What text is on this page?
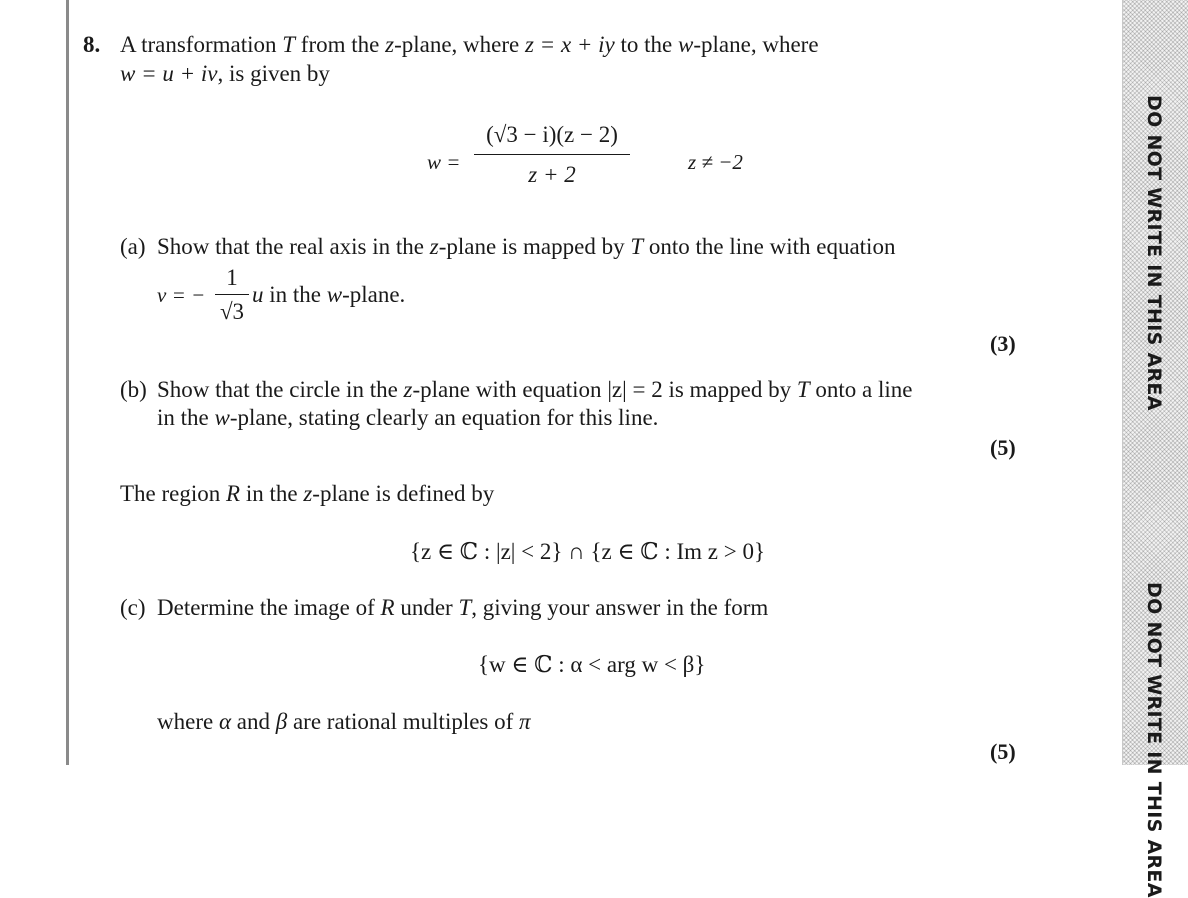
8. A transformation T from the z-plane, where z = x + iy to the w-plane, where
w = u + iv, is given by
w =
(√3 − i)(z − 2)
z + 2	z ≠ −2
(a) Show that the real axis in the z-plane is mapped by T onto the line with equation
v = −
1
√3
u in the w-plane.
(3)
(b) Show that the circle in the z-plane with equation |z| = 2 is mapped by T onto a line
in the w-plane, stating clearly an equation for this line.
(5)
The region R in the z-plane is defined by
{z ∈ ℂ : |z| < 2} ∩ {z ∈ ℂ : Im z > 0}
(c) Determine the image of R under T, giving your answer in the form
{w ∈ ℂ : α < arg w < β}
where α and β are rational multiples of π
(5)
DO NOT WRITE IN THIS AREA
DO NOT WRITE IN THIS AREA
